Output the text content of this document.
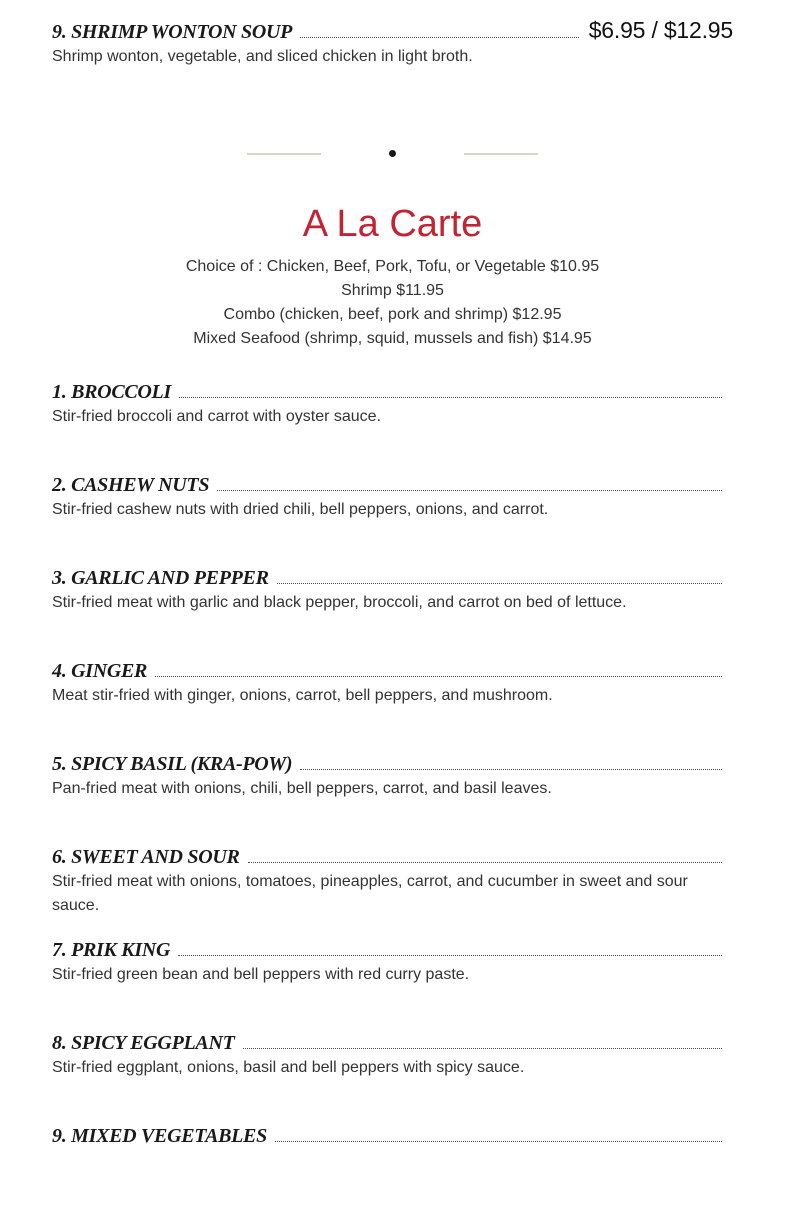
9. SHRIMP WONTON SOUP	$6.95 / $12.95

Shrimp wonton, vegetable, and sliced chicken in light broth.

A La Carte

Choice of : Chicken, Beef, Pork, Tofu, or Vegetable $10.95

Shrimp $11.95

Combo (chicken, beef, pork and shrimp) $12.95

Mixed Seafood (shrimp, squid, mussels and fish) $14.95

1. BROCCOLI

Stir-fried broccoli and carrot with oyster sauce.

2. CASHEW NUTS

Stir-fried cashew nuts with dried chili, bell peppers, onions, and carrot.

3. GARLIC AND PEPPER

Stir-fried meat with garlic and black pepper, broccoli, and carrot on bed of lettuce.

4. GINGER

Meat stir-fried with ginger, onions, carrot, bell peppers, and mushroom.

5. SPICY BASIL (KRA-POW)

Pan-fried meat with onions, chili, bell peppers, carrot, and basil leaves.

6. SWEET AND SOUR

Stir-fried meat with onions, tomatoes, pineapples, carrot, and cucumber in sweet and sour sauce.

7. PRIK KING

Stir-fried green bean and bell peppers with red curry paste.

8. SPICY EGGPLANT

Stir-fried eggplant, onions, basil and bell peppers with spicy sauce.

9. MIXED VEGETABLES
